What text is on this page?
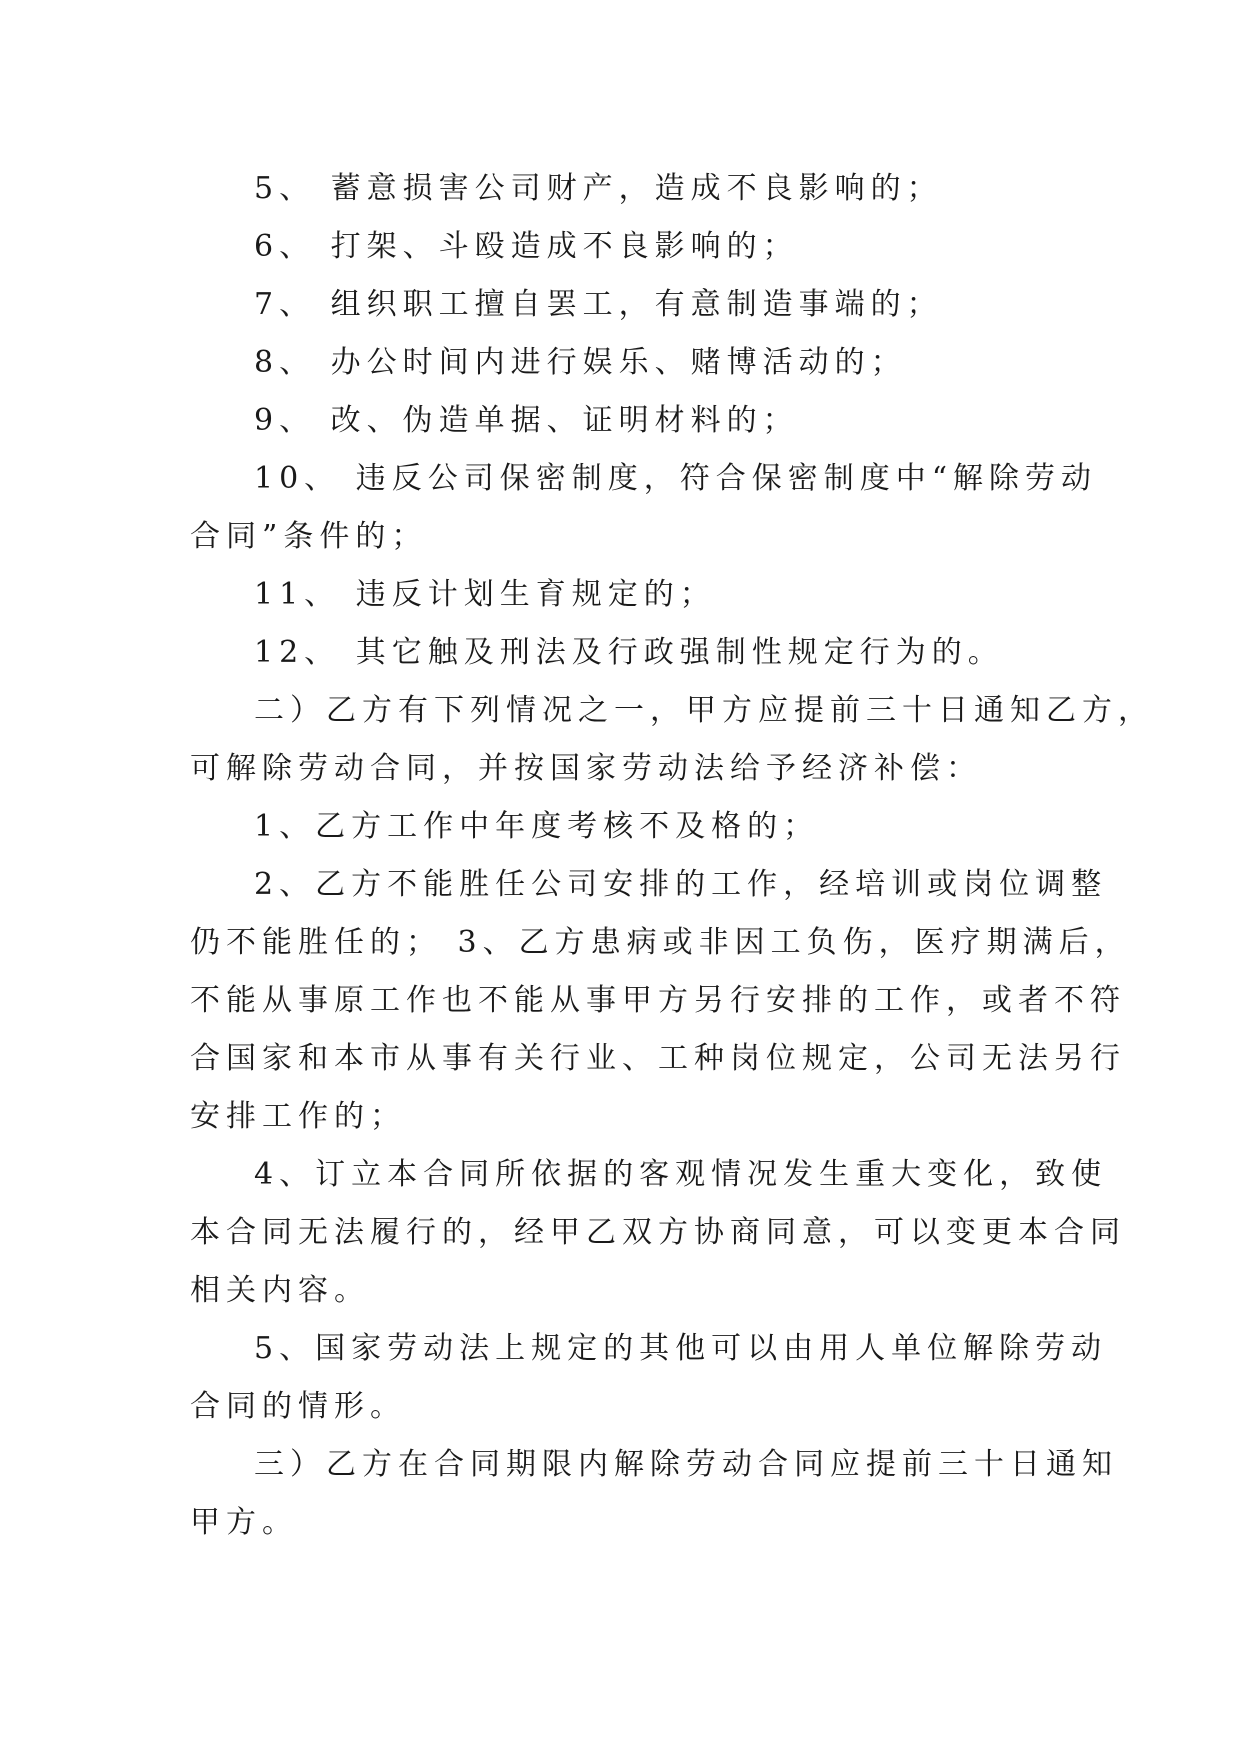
5、 蓄意损害公司财产，造成不良影响的；
6、 打架、斗殴造成不良影响的；
7、 组织职工擅自罢工，有意制造事端的；
8、 办公时间内进行娱乐、赌博活动的；
9、 改、伪造单据、证明材料的；
10、 违反公司保密制度，符合保密制度中“解除劳动
合同”条件的；
11、 违反计划生育规定的；
12、 其它触及刑法及行政强制性规定行为的。
二）乙方有下列情况之一，甲方应提前三十日通知乙方，
可解除劳动合同，并按国家劳动法给予经济补偿：
1、乙方工作中年度考核不及格的；
2、乙方不能胜任公司安排的工作，经培训或岗位调整
仍不能胜任的； 3、乙方患病或非因工负伤，医疗期满后，
不能从事原工作也不能从事甲方另行安排的工作，或者不符
合国家和本市从事有关行业、工种岗位规定，公司无法另行
安排工作的；
4、订立本合同所依据的客观情况发生重大变化，致使
本合同无法履行的，经甲乙双方协商同意，可以变更本合同
相关内容。
5、国家劳动法上规定的其他可以由用人单位解除劳动
合同的情形。
三）乙方在合同期限内解除劳动合同应提前三十日通知
甲方。
